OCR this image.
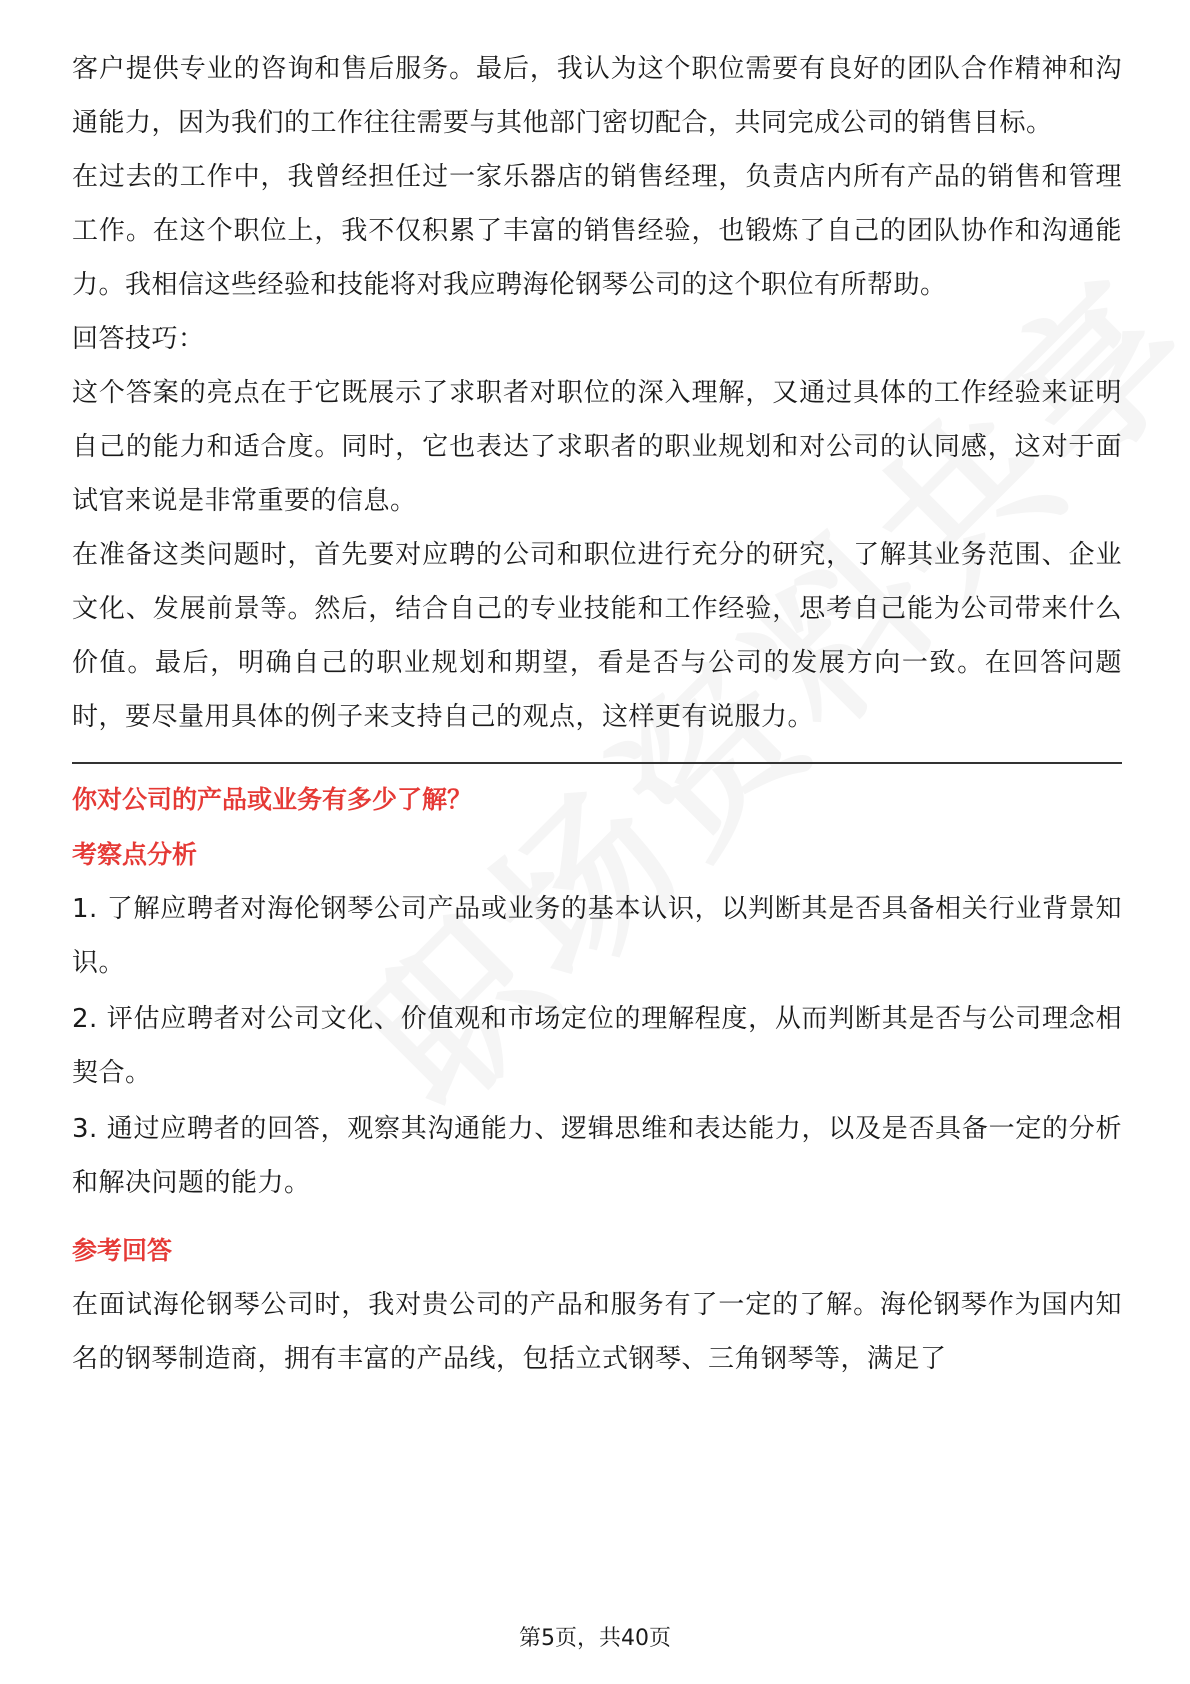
客户提供专业的咨询和售后服务。最后，我认为这个职位需要有良好的团队合作精神和沟通能力，因为我们的工作往往需要与其他部门密切配合，共同完成公司的销售目标。

在过去的工作中，我曾经担任过一家乐器店的销售经理，负责店内所有产品的销售和管理工作。在这个职位上，我不仅积累了丰富的销售经验，也锻炼了自己的团队协作和沟通能力。我相信这些经验和技能将对我应聘海伦钢琴公司的这个职位有所帮助。

回答技巧：

这个答案的亮点在于它既展示了求职者对职位的深入理解，又通过具体的工作经验来证明自己的能力和适合度。同时，它也表达了求职者的职业规划和对公司的认同感，这对于面试官来说是非常重要的信息。

在准备这类问题时，首先要对应聘的公司和职位进行充分的研究，了解其业务范围、企业文化、发展前景等。然后，结合自己的专业技能和工作经验，思考自己能为公司带来什么价值。最后，明确自己的职业规划和期望，看是否与公司的发展方向一致。在回答问题时，要尽量用具体的例子来支持自己的观点，这样更有说服力。

你对公司的产品或业务有多少了解？
考察点分析

1. 了解应聘者对海伦钢琴公司产品或业务的基本认识，以判断其是否具备相关行业背景知识。

2. 评估应聘者对公司文化、价值观和市场定位的理解程度，从而判断其是否与公司理念相契合。

3. 通过应聘者的回答，观察其沟通能力、逻辑思维和表达能力，以及是否具备一定的分析和解决问题的能力。

参考回答

在面试海伦钢琴公司时，我对贵公司的产品和服务有了一定的了解。海伦钢琴作为国内知名的钢琴制造商，拥有丰富的产品线，包括立式钢琴、三角钢琴等，满足了

第5页，共40页
